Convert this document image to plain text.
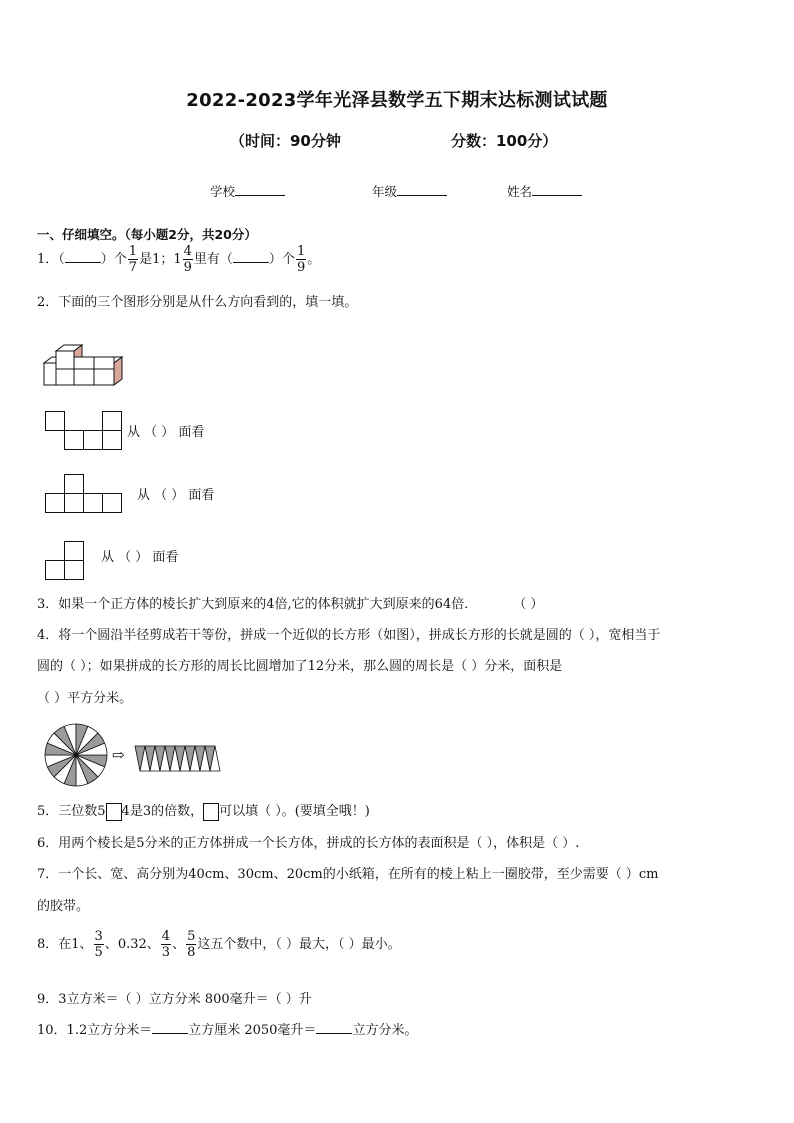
2022-2023学年光泽县数学五下期末达标测试试题
（时间：90分钟	分数：100分）
学校	年级	姓名
一、仔细填空。（每小题2分，共20分）
1．（	）个 $\frac{1}{7}$ 是1；$1 \frac{4}{9}$ 里有（	）个 $\frac{1}{9}$ 。
2．下面的三个图形分别是从什么方向看到的，填一填。
从 （ ） 面看
从 （ ） 面看
从 （ ） 面看
3．如果一个正方体的棱长扩大到原来的4倍,它的体积就扩大到原来的64倍．	（ ）
4．将一个圆沿半径剪成若干等份，拼成一个近似的长方形（如图），拼成长方形的长就是圆的（ ），宽相当于
圆的（ ）；如果拼成的长方形的周长比圆增加了12分米，那么圆的周长是（ ）分米，面积是
（ ）平方分米。
⇨
5．三位数5 4是3的倍数， 可以填（ ）。(要填全哦！)
6．用两个棱长是5分米的正方体拼成一个长方体，拼成的长方体的表面积是（ ），体积是（ ）.
7．一个长、宽、高分别为40cm、30cm、20cm的小纸箱，在所有的棱上粘上一圈胶带，至少需要（ ）cm
的胶带。
8．在1、 $\frac{3}{5}$ 、0.32、 $\frac{4}{3}$ 、 $\frac{5}{8}$ 这五个数中，（ ）最大，（ ）最小。
9．3立方米＝（ ）立方分米 800毫升＝（ ）升
10．1.2立方分米＝	立方厘米 2050毫升＝	立方分米。
